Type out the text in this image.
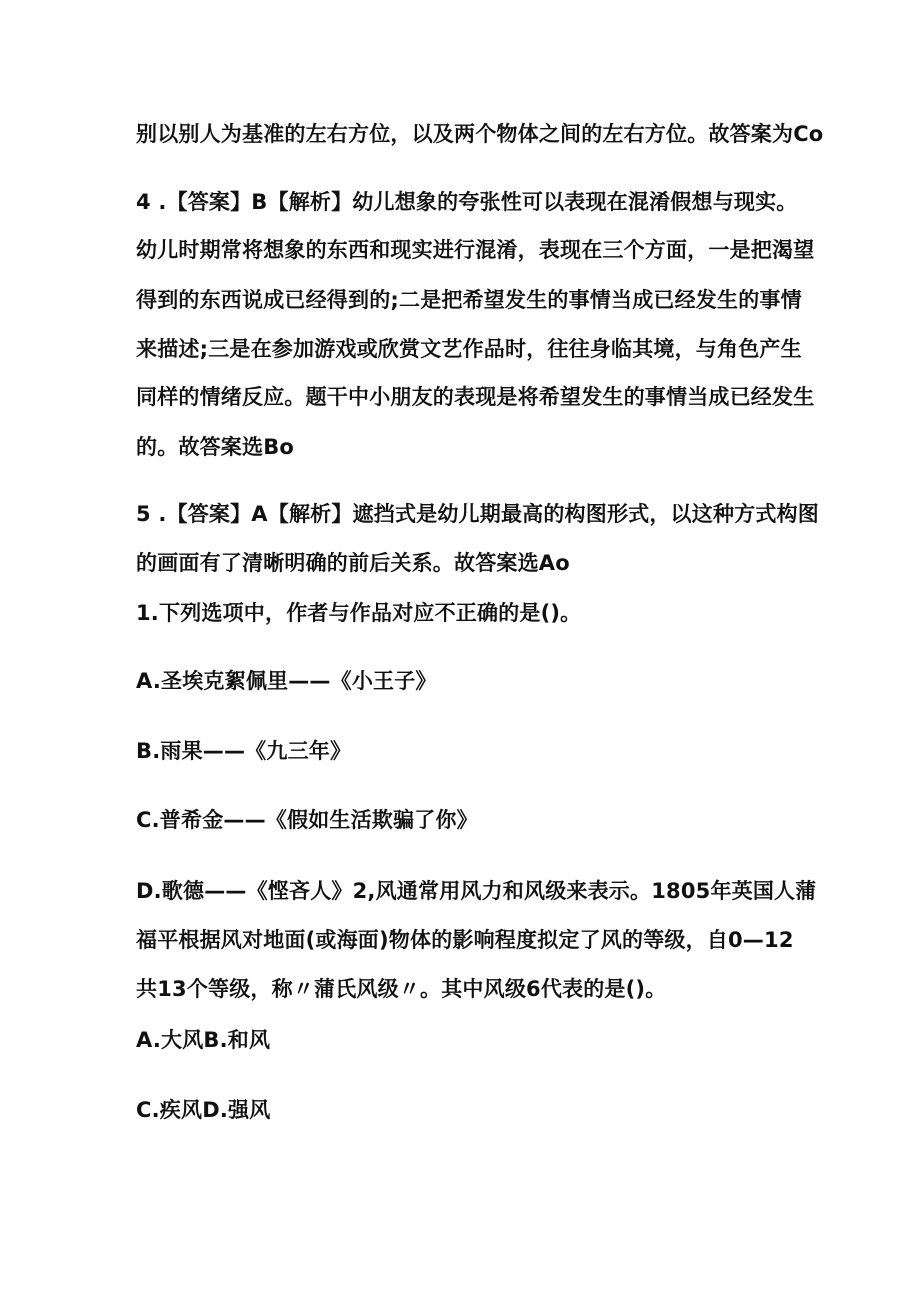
别以别人为基准的左右方位，以及两个物体之间的左右方位。故答案为Co
4 .【答案】B【解析】幼儿想象的夸张性可以表现在混淆假想与现实。
幼儿时期常将想象的东西和现实进行混淆，表现在三个方面，一是把渴望
得到的东西说成已经得到的;二是把希望发生的事情当成已经发生的事情
来描述;三是在参加游戏或欣赏文艺作品时，往往身临其境，与角色产生
同样的情绪反应。题干中小朋友的表现是将希望发生的事情当成已经发生
的。故答案选Bo
5 .【答案】A【解析】遮挡式是幼儿期最高的构图形式，以这种方式构图
的画面有了清晰明确的前后关系。故答案选Ao
1.下列选项中，作者与作品对应不正确的是()。
A.圣埃克絮佩里——《小王子》
B.雨果——《九三年》
C.普希金——《假如生活欺骗了你》
D.歌德——《悭吝人》2,风通常用风力和风级来表示。1805年英国人蒲
福平根据风对地面(或海面)物体的影响程度拟定了风的等级，自0—12
共13个等级，称〃蒲氏风级〃。其中风级6代表的是()。
A.大风B.和风
C.疾风D.强风
